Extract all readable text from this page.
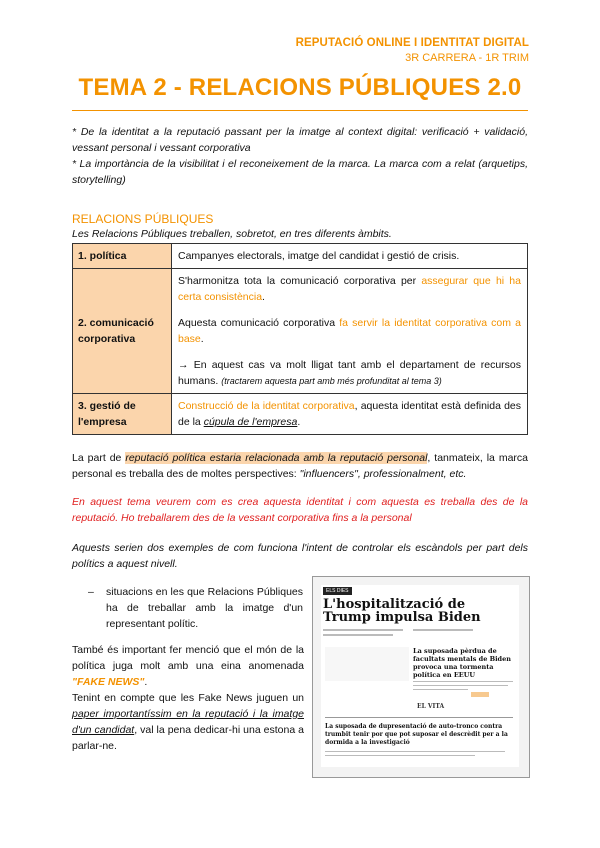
REPUTACIÓ ONLINE I IDENTITAT DIGITAL
3R CARRERA - 1R TRIM
TEMA 2 - RELACIONS PÚBLIQUES 2.0
* De la identitat a la reputació passant per la imatge al context digital: verificació + validació, vessant personal i vessant corporativa
* La importància de la visibilitat i el reconeixement de la marca. La marca com a relat (arquetips, storytelling)
RELACIONS PÚBLIQUES
Les Relacions Públiques treballen, sobretot, en tres diferents àmbits.
1. política	Campanyes electorals, imatge del candidat i gestió de crisis.
2. comunicació corporativa	S'harmonitza tota la comunicació corporativa per assegurar que hi ha certa consistència.
Aquesta comunicació corporativa fa servir la identitat corporativa com a base.
→ En aquest cas va molt lligat tant amb el departament de recursos humans. (tractarem aquesta part amb més profunditat al tema 3)

3. gestió de l'empresa	Construcció de la identitat corporativa, aquesta identitat està definida des de la cúpula de l'empresa.
La part de reputació política estaria relacionada amb la reputació personal, tanmateix, la marca personal es treballa des de moltes perspectives: "influencers", professionalment, etc.
En aquest tema veurem com es crea aquesta identitat i com aquesta es treballa des de la reputació. Ho treballarem des de la vessant corporativa fins a la personal
Aquests serien dos exemples de com funciona l'intent de controlar els escàndols per part dels polítics a aquest nivell.
– situacions en les que Relacions Públiques ha de treballar amb la imatge d'un representant polític.
També és important fer menció que el món de la política juga molt amb una eina anomenada "FAKE NEWS".
Tenint en compte que les Fake News juguen un paper importantíssim en la reputació i la imatge d'un candidat, val la pena dedicar-hi una estona a parlar-ne.
ELS DIES
L'hospitalització de Trump impulsa Biden
La suposada pèrdua de facultats mentals de Biden provoca una tormenta política en EEUU
EL VITA
La suposada de dupresentació de auto-tronco contra trumbit tenir por que pot suposar el descrèdit per a la dormida a la investigació
